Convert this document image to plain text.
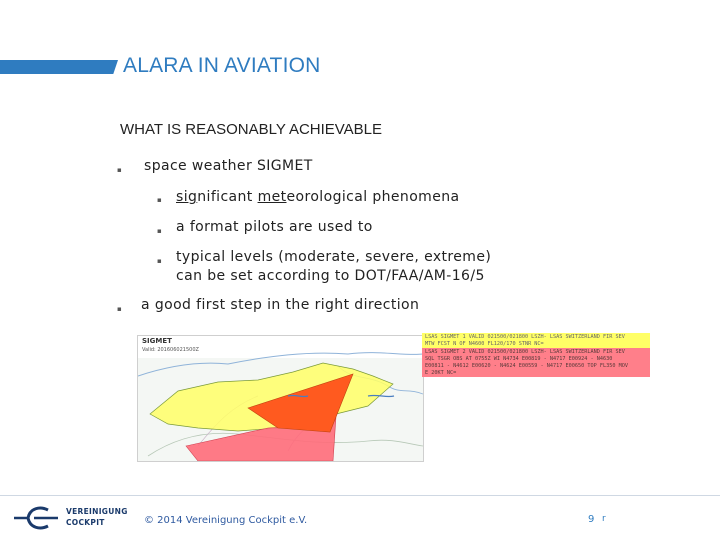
ALARA IN AVIATION
WHAT IS REASONABLY ACHIEVABLE
▪ space weather SIGMET
▪ significant meteorological phenomena
▪ a format pilots are used to
▪ typical levels (moderate, severe, extreme)
can be set according to DOT/FAA/AM-16/5
▪ a good first step in the right direction
SIGMET
Valid: 201606021500Z
LSAS SIGMET 1 VALID 021500/021800 LSZH- LSAS SWITZERLAND FIR SEV
MTW FCST N OF N4600 FL120/170 STNR NC=
LSAS SIGMET 2 VALID 021500/021800 LSZH- LSAS SWITZERLAND FIR SEV
SQL TSGR OBS AT 0755Z WI N4734 E00819 - N4717 E00924 - N4630
E00811 - N4612 E00620 - N4624 E00559 - N4717 E00650 TOP FL350 MOV
E 20KT NC=
VEREINIGUNG
COCKPIT	© 2014 Vereinigung Cockpit e.V.	9 r
